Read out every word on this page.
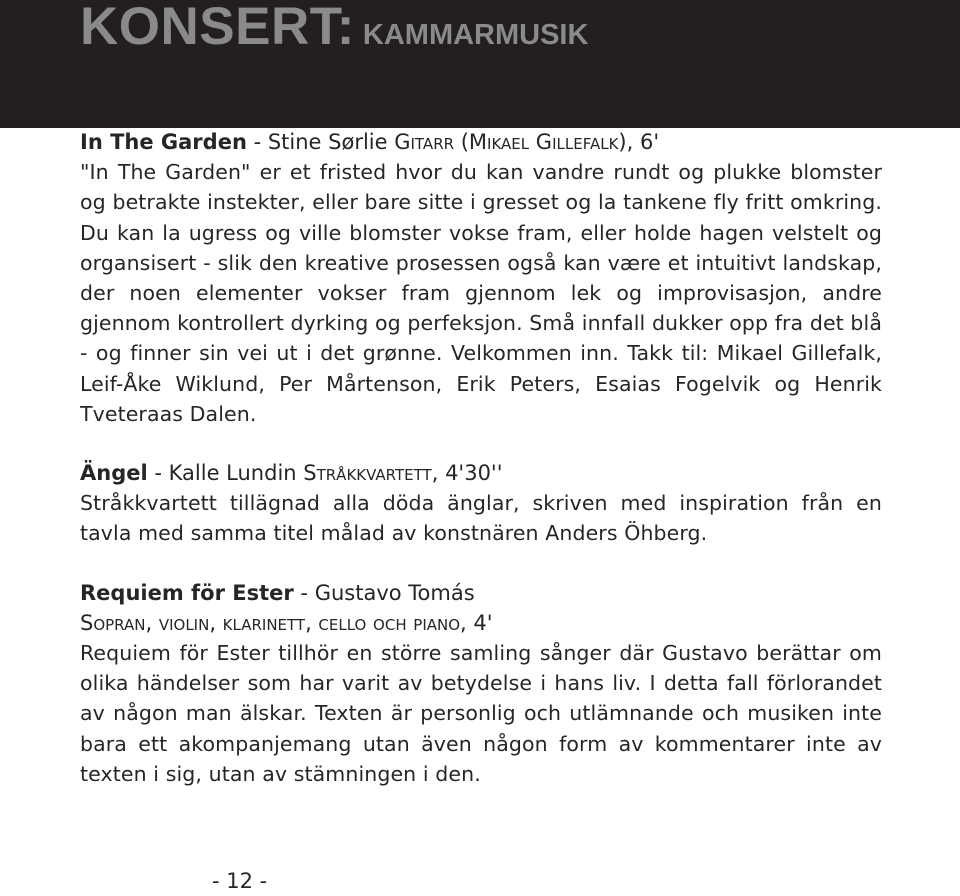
KONSERT: KAMMARMUSIK

In The Garden - Stine Sørlie Gitarr (Mikael Gillefalk), 6'

"In The Garden" er et fristed hvor du kan vandre rundt og plukke blomster og betrakte instekter, eller bare sitte i gresset og la tankene fly fritt omkring. Du kan la ugress og ville blomster vokse fram, eller holde hagen velstelt og organsisert - slik den kreative prosessen også kan være et intuitivt landskap, der noen elementer vokser fram gjennom lek og improvisasjon, andre gjennom kontrollert dyrking og perfeksjon. Små innfall dukker opp fra det blå - og finner sin vei ut i det grønne. Velkommen inn. Takk til: Mikael Gillefalk, Leif-Åke Wiklund, Per Mårtenson, Erik Peters, Esaias Fogelvik og Henrik Tveteraas Dalen.

Ängel - Kalle Lundin Stråkkvartett, 4'30''

Stråkkvartett tillägnad alla döda änglar, skriven med inspiration från en tavla med samma titel målad av konstnären Anders Öhberg.

Requiem för Ester - Gustavo Tomás

Sopran, violin, klarinett, cello och piano, 4'

Requiem för Ester tillhör en större samling sånger där Gustavo berättar om olika händelser som har varit av betydelse i hans liv. I detta fall förlorandet av någon man älskar. Texten är personlig och utlämnande och musiken inte bara ett akompanjemang utan även någon form av kommentarer inte av texten i sig, utan av stämningen i den.

- 12 -
